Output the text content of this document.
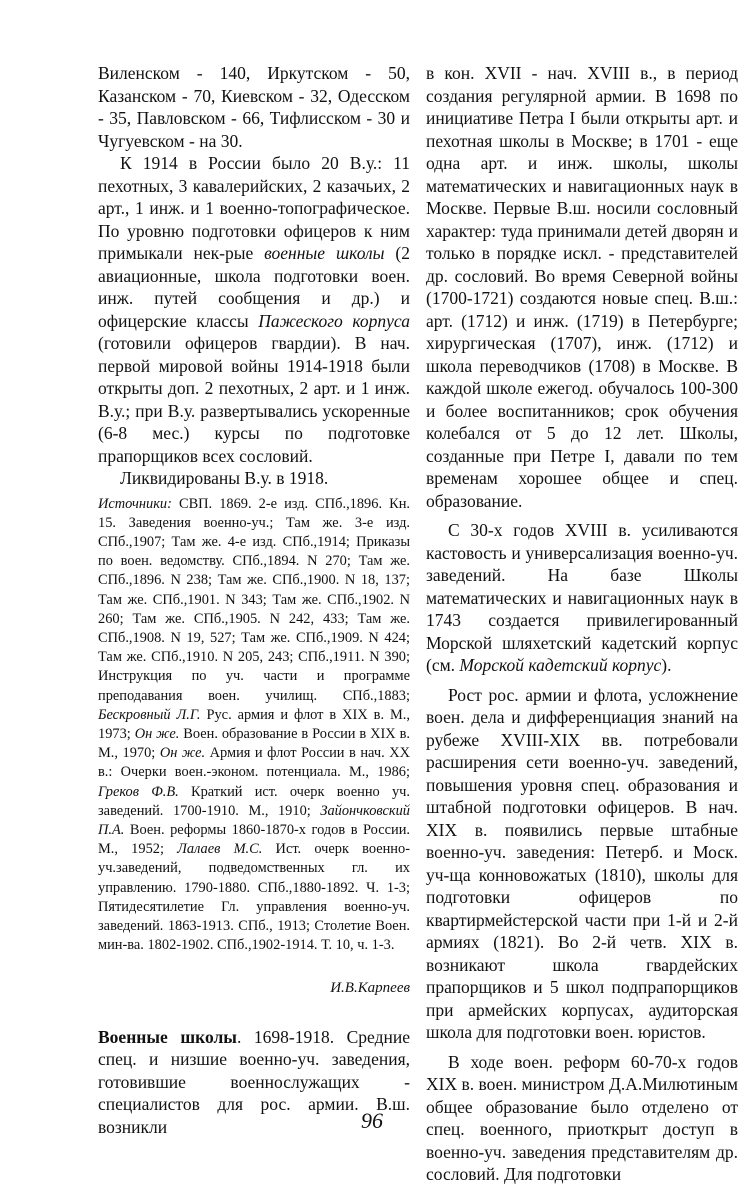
Виленском - 140, Иркутском - 50, Казанском - 70, Киевском - 32, Одесском - 35, Павловском - 66, Тифлисском - 30 и Чугуевском - на 30.

К 1914 в России было 20 В.у.: 11 пехотных, 3 кавалерийских, 2 казачьих, 2 арт., 1 инж. и 1 военно-топографическое. По уровню подготовки офицеров к ним примыкали нек-рые военные школы (2 авиационные, школа подготовки воен. инж. путей сообщения и др.) и офицерские классы Пажеского корпуса (готовили офицеров гвардии). В нач. первой мировой войны 1914-1918 были открыты доп. 2 пехотных, 2 арт. и 1 инж. В.у.; при В.у. развертывались ускоренные (6-8 мес.) курсы по подготовке прапорщиков всех сословий.

Ликвидированы В.у. в 1918.

Источники: СВП. 1869. 2-е изд. СПб.,1896. Кн. 15. Заведения военно-уч.; Там же. 3-е изд. СПб.,1907; Там же. 4-е изд. СПб.,1914; Приказы по воен. ведомству. СПб.,1894. N 270; Там же. СПб.,1896. N 238; Там же. СПб.,1900. N 18, 137; Там же. СПб.,1901. N 343; Там же. СПб.,1902. N 260; Там же. СПб.,1905. N 242, 433; Там же. СПб.,1908. N 19, 527; Там же. СПб.,1909. N 424; Там же. СПб.,1910. N 205, 243; СПб.,1911. N 390; Инструкция по уч. части и программе преподавания воен. училищ. СПб.,1883; Бескровный Л.Г. Рус. армия и флот в XIX в. М., 1973; Он же. Воен. образование в России в XIX в. М., 1970; Он же. Армия и флот России в нач. XX в.: Очерки воен.-эконом. потенциала. М., 1986; Греков Ф.В. Краткий ист. очерк военно уч. заведений. 1700-1910. М., 1910; Зайончковский П.А. Воен. реформы 1860-1870-х годов в России. М., 1952; Лалаев М.С. Ист. очерк военно-уч.заведений, подведомственных гл. их управлению. 1790-1880. СПб.,1880-1892. Ч. 1-3; Пятидесятилетие Гл. управления военно-уч. заведений. 1863-1913. СПб., 1913; Столетие Воен. мин-ва. 1802-1902. СПб.,1902-1914. Т. 10, ч. 1-3.

И.В.Карпеев

Военные школы. 1698-1918. Средние спец. и низшие военно-уч. заведения, готовившие военнослужащих - специалистов для рос. армии. В.ш. возникли

в кон. XVII - нач. XVIII в., в период создания регулярной армии. В 1698 по инициативе Петра I были открыты арт. и пехотная школы в Москве; в 1701 - еще одна арт. и инж. школы, школы математических и навигационных наук в Москве. Первые В.ш. носили сословный характер: туда принимали детей дворян и только в порядке искл. - представителей др. сословий. Во время Северной войны (1700-1721) создаются новые спец. В.ш.: арт. (1712) и инж. (1719) в Петербурге; хирургическая (1707), инж. (1712) и школа переводчиков (1708) в Москве. В каждой школе ежегод. обучалось 100-300 и более воспитанников; срок обучения колебался от 5 до 12 лет. Школы, созданные при Петре I, давали по тем временам хорошее общее и спец. образование.

С 30-х годов XVIII в. усиливаются кастовость и универсализация военно-уч. заведений. На базе Школы математических и навигационных наук в 1743 создается привилегированный Морской шляхетский кадетский корпус (см. Морской кадетский корпус).

Рост рос. армии и флота, усложнение воен. дела и дифференциация знаний на рубеже XVIII-XIX вв. потребовали расширения сети военно-уч. заведений, повышения уровня спец. образования и штабной подготовки офицеров. В нач. XIX в. появились первые штабные военно-уч. заведения: Петерб. и Моск. уч-ща конновожатых (1810), школы для подготовки офицеров по квартирмейстерской части при 1-й и 2-й армиях (1821). Во 2-й четв. XIX в. возникают школа гвардейских прапорщиков и 5 школ подпрапорщиков при армейских корпусах, аудиторская школа для подготовки воен. юристов.

В ходе воен. реформ 60-70-х годов XIX в. воен. министром Д.А.Милютиным общее образование было отделено от спец. военного, приоткрыт доступ в военно-уч. заведения представителям др. сословий. Для подготовки

96
